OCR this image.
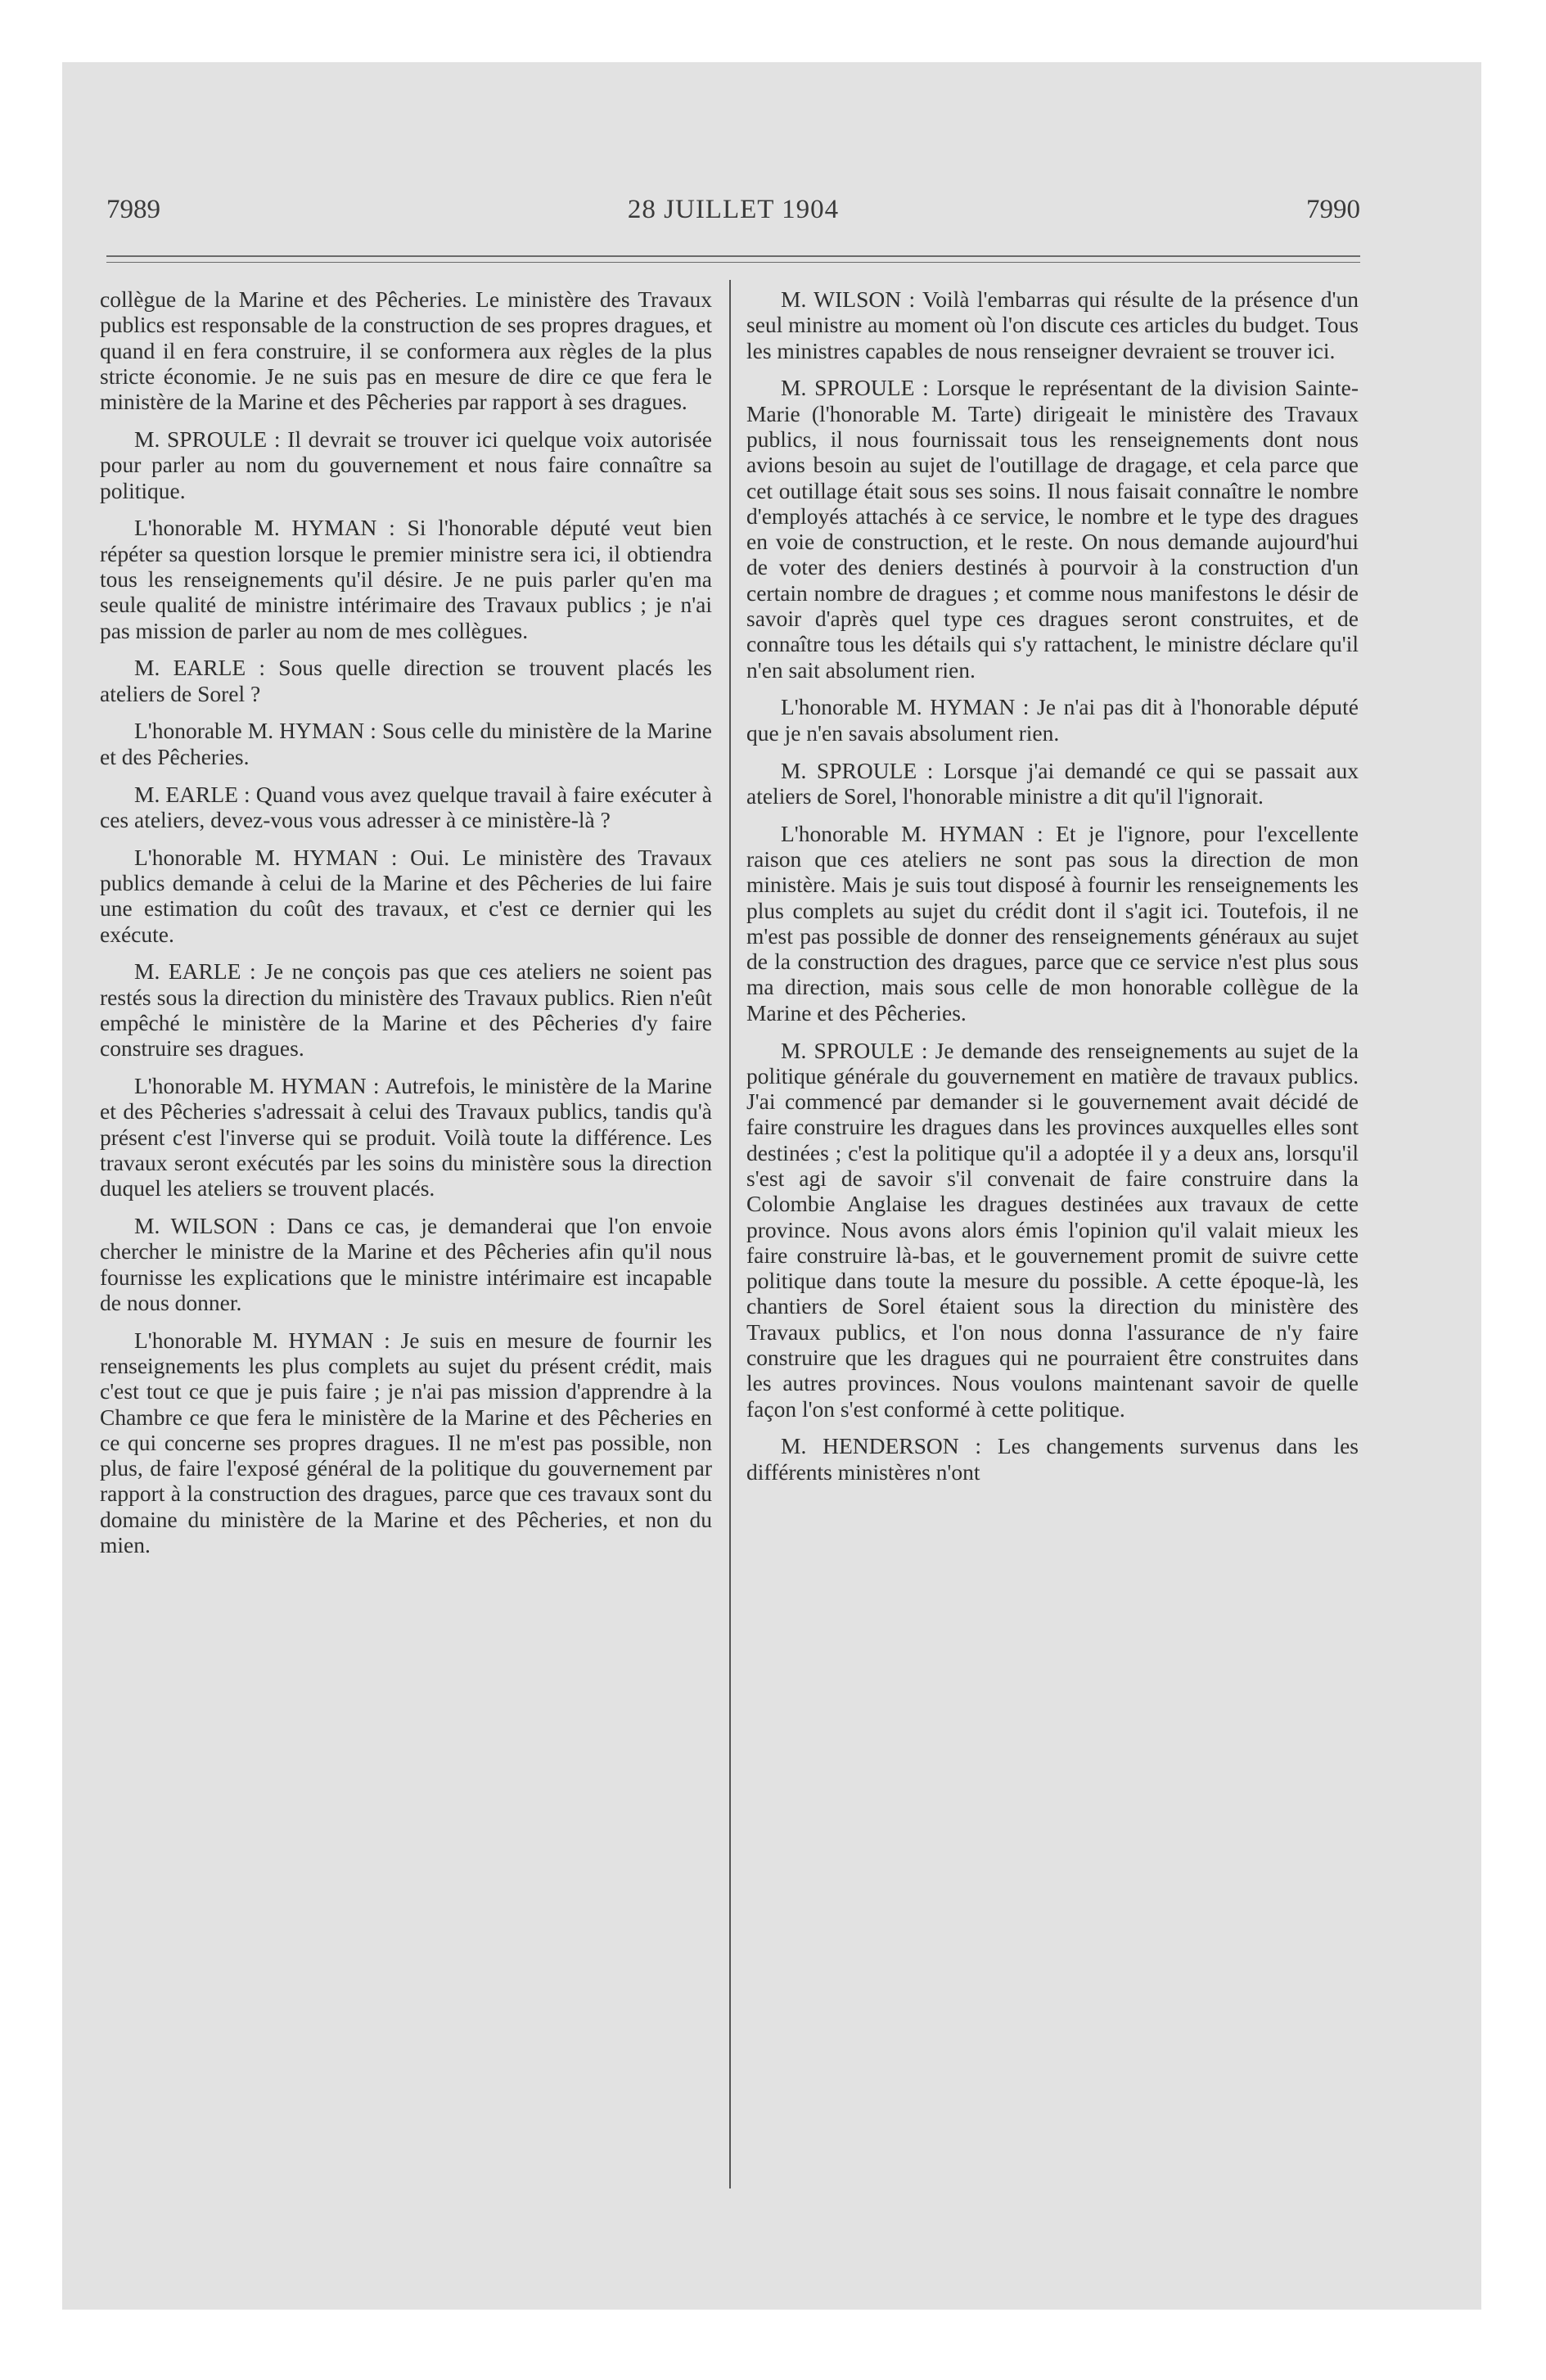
7989	28 JUILLET 1904	7990

collègue de la Marine et des Pêcheries. Le ministère des Travaux publics est responsable de la construction de ses propres dragues, et quand il en fera construire, il se conformera aux règles de la plus stricte économie. Je ne suis pas en mesure de dire ce que fera le ministère de la Marine et des Pêcheries par rapport à ses dragues.

M. SPROULE : Il devrait se trouver ici quelque voix autorisée pour parler au nom du gouvernement et nous faire connaître sa politique.

L'honorable M. HYMAN : Si l'honorable député veut bien répéter sa question lorsque le premier ministre sera ici, il obtiendra tous les renseignements qu'il désire. Je ne puis parler qu'en ma seule qualité de ministre intérimaire des Travaux publics ; je n'ai pas mission de parler au nom de mes collègues.

M. EARLE : Sous quelle direction se trouvent placés les ateliers de Sorel ?

L'honorable M. HYMAN : Sous celle du ministère de la Marine et des Pêcheries.

M. EARLE : Quand vous avez quelque travail à faire exécuter à ces ateliers, devez-vous vous adresser à ce ministère-là ?

L'honorable M. HYMAN : Oui. Le ministère des Travaux publics demande à celui de la Marine et des Pêcheries de lui faire une estimation du coût des travaux, et c'est ce dernier qui les exécute.

M. EARLE : Je ne conçois pas que ces ateliers ne soient pas restés sous la direction du ministère des Travaux publics. Rien n'eût empêché le ministère de la Marine et des Pêcheries d'y faire construire ses dragues.

L'honorable M. HYMAN : Autrefois, le ministère de la Marine et des Pêcheries s'adressait à celui des Travaux publics, tandis qu'à présent c'est l'inverse qui se produit. Voilà toute la différence. Les travaux seront exécutés par les soins du ministère sous la direction duquel les ateliers se trouvent placés.

M. WILSON : Dans ce cas, je demanderai que l'on envoie chercher le ministre de la Marine et des Pêcheries afin qu'il nous fournisse les explications que le ministre intérimaire est incapable de nous donner.

L'honorable M. HYMAN : Je suis en mesure de fournir les renseignements les plus complets au sujet du présent crédit, mais c'est tout ce que je puis faire ; je n'ai pas mission d'apprendre à la Chambre ce que fera le ministère de la Marine et des Pêcheries en ce qui concerne ses propres dragues. Il ne m'est pas possible, non plus, de faire l'exposé général de la politique du gouvernement par rapport à la construction des dragues, parce que ces travaux sont du domaine du ministère de la Marine et des Pêcheries, et non du mien.

M. WILSON : Voilà l'embarras qui résulte de la présence d'un seul ministre au moment où l'on discute ces articles du budget. Tous les ministres capables de nous renseigner devraient se trouver ici.

M. SPROULE : Lorsque le représentant de la division Sainte-Marie (l'honorable M. Tarte) dirigeait le ministère des Travaux publics, il nous fournissait tous les renseignements dont nous avions besoin au sujet de l'outillage de dragage, et cela parce que cet outillage était sous ses soins. Il nous faisait connaître le nombre d'employés attachés à ce service, le nombre et le type des dragues en voie de construction, et le reste. On nous demande aujourd'hui de voter des deniers destinés à pourvoir à la construction d'un certain nombre de dragues ; et comme nous manifestons le désir de savoir d'après quel type ces dragues seront construites, et de connaître tous les détails qui s'y rattachent, le ministre déclare qu'il n'en sait absolument rien.

L'honorable M. HYMAN : Je n'ai pas dit à l'honorable député que je n'en savais absolument rien.

M. SPROULE : Lorsque j'ai demandé ce qui se passait aux ateliers de Sorel, l'honorable ministre a dit qu'il l'ignorait.

L'honorable M. HYMAN : Et je l'ignore, pour l'excellente raison que ces ateliers ne sont pas sous la direction de mon ministère. Mais je suis tout disposé à fournir les renseignements les plus complets au sujet du crédit dont il s'agit ici. Toutefois, il ne m'est pas possible de donner des renseignements généraux au sujet de la construction des dragues, parce que ce service n'est plus sous ma direction, mais sous celle de mon honorable collègue de la Marine et des Pêcheries.

M. SPROULE : Je demande des renseignements au sujet de la politique générale du gouvernement en matière de travaux publics. J'ai commencé par demander si le gouvernement avait décidé de faire construire les dragues dans les provinces auxquelles elles sont destinées ; c'est la politique qu'il a adoptée il y a deux ans, lorsqu'il s'est agi de savoir s'il convenait de faire construire dans la Colombie Anglaise les dragues destinées aux travaux de cette province. Nous avons alors émis l'opinion qu'il valait mieux les faire construire là-bas, et le gouvernement promit de suivre cette politique dans toute la mesure du possible. A cette époque-là, les chantiers de Sorel étaient sous la direction du ministère des Travaux publics, et l'on nous donna l'assurance de n'y faire construire que les dragues qui ne pourraient être construites dans les autres provinces. Nous voulons maintenant savoir de quelle façon l'on s'est conformé à cette politique.

M. HENDERSON : Les changements survenus dans les différents ministères n'ont
